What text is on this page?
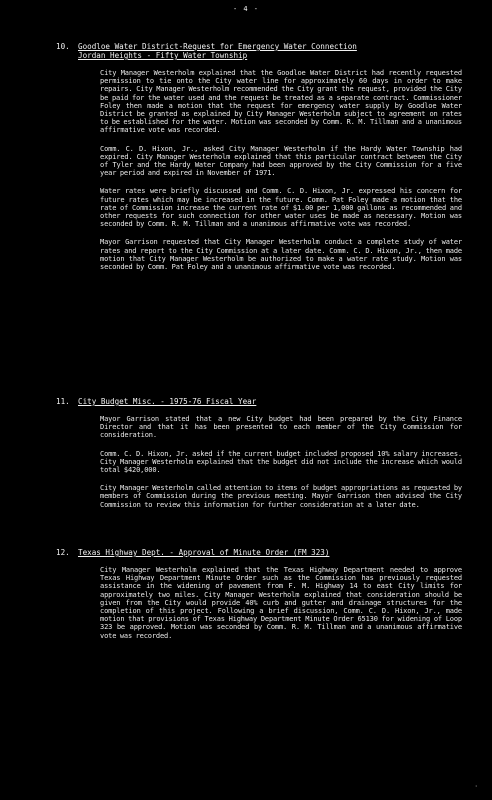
- 4 -
10. Goodloe Water District-Request for Emergency Water Connection
Jordan Heights - Fifty Water Township

City Manager Westerholm explained that the Goodloe Water District had recently requested permission to tie onto the City water line for approximately 60 days in order to make repairs. City Manager Westerholm recommended the City grant the request, provided the City be paid for the water used and the request be treated as a separate contract. Commissioner Foley then made a motion that the request for emergency water supply by Goodloe Water District be granted as explained by City Manager Westerholm subject to agreement on rates to be established for the water. Motion was seconded by Comm. R. M. Tillman and a unanimous affirmative vote was recorded.

Comm. C. D. Hixon, Jr., asked City Manager Westerholm if the Hardy Water Township had expired. City Manager Westerholm explained that this particular contract between the City of Tyler and the Hardy Water Company had been approved by the City Commission for a five year period and expired in November of 1971.

Water rates were briefly discussed and Comm. C. D. Hixon, Jr. expressed his concern for future rates which may be increased in the future. Comm. Pat Foley made a motion that the rate of Commission increase the current rate of $1.00 per 1,000 gallons as recommended and other requests for such connection for other water uses be made as necessary. Motion was seconded by Comm. R. M. Tillman and a unanimous affirmative vote was recorded.

Mayor Garrison requested that City Manager Westerholm conduct a complete study of water rates and report to the City Commission at a later date. Comm. C. D. Hixon, Jr., then made motion that City Manager Westerholm be authorized to make a water rate study. Motion was seconded by Comm. Pat Foley and a unanimous affirmative vote was recorded.

11. City Budget Misc. - 1975-76 Fiscal Year

Mayor Garrison stated that a new City budget had been prepared by the City Finance Director and that it has been presented to each member of the City Commission for consideration.

Comm. C. D. Hixon, Jr. asked if the current budget included proposed 10% salary increases. City Manager Westerholm explained that the budget did not include the increase which would total $420,000.

City Manager Westerholm called attention to items of budget appropriations as requested by members of Commission during the previous meeting. Mayor Garrison then advised the City Commission to review this information for further consideration at a later date.

12. Texas Highway Dept. - Approval of Minute Order (FM 323)

City Manager Westerholm explained that the Texas Highway Department needed to approve Texas Highway Department Minute Order such as the Commission has previously requested assistance in the widening of pavement from F. M. Highway 14 to east City limits for approximately two miles. City Manager Westerholm explained that consideration should be given from the City would provide 40% curb and gutter and drainage structures for the completion of this project. Following a brief discussion, Comm. C. D. Hixon, Jr., made motion that provisions of Texas Highway Department Minute Order 65130 for widening of Loop 323 be approved. Motion was seconded by Comm. R. M. Tillman and a unanimous affirmative vote was recorded.

·
